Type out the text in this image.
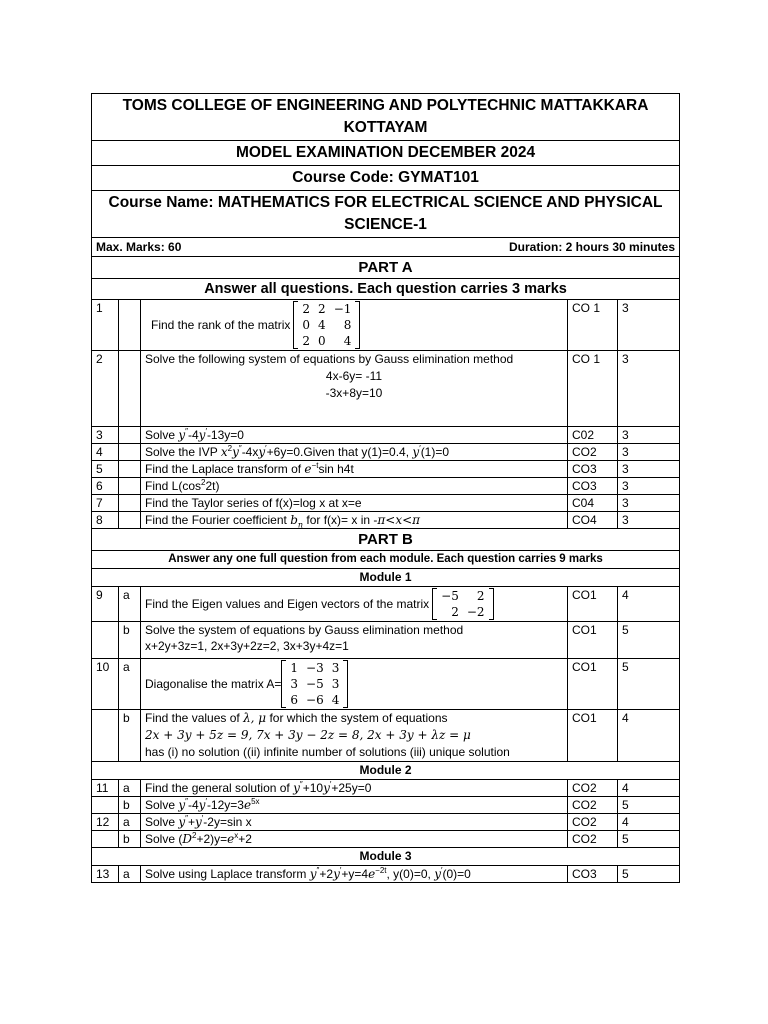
TOMS COLLEGE OF ENGINEERING AND POLYTECHNIC MATTAKKARA KOTTAYAM
MODEL EXAMINATION DECEMBER 2024
Course Code: GYMAT101
Course Name: MATHEMATICS FOR ELECTRICAL SCIENCE AND PHYSICAL SCIENCE-1
Max. Marks: 60	Duration: 2 hours 30 minutes

PART A
Answer all questions. Each question carries 3 marks
1		
Find the rank of the matrix
2	2	−1
0	4	8
2	0	4
	CO 1	3
2		Solve the following system of equations by Gauss elimination method
4x-6y= -11
-3x+8y=10
	CO 1	3
3		Solve y″-4y′-13y=0	C02	3
4		Solve the IVP $x^2y''-4xy'+6y=0.Given$ that y(1)=0.4, y′(1)=0	CO2	3
5		Find the Laplace transform of $e^{-t}\sin$ h4t	CO3	3
6		Find $L(\cos^22t)$	CO3	3
7		Find the Taylor series of f(x)=log x at x=e	C04	3
8		Find the Fourier coefficient $b_n$ for f(x)= x in -π<x<π	CO4	3
PART B
Answer any one full question from each module. Each question carries 9 marks
Module 1
9	a	
Find the Eigen values and Eigen vectors of the matrix
−5	2
2	−2
	CO1	4
	b	Solve the system of equations by Gauss elimination method
x+2y+3z=1, 2x+3y+2z=2, 3x+3y+4z=1
	CO1	5
10	a	
Diagonalise the matrix A=
1	−3	3
3	−5	3
6	−6	4
	CO1	5
	b	Find the values of λ, μ for which the system of equations
2x + 3y + 5z = 9, 7x + 3y − 2z = 8, 2x + 3y + λz = μ
has (i) no solution ((ii) infinite number of solutions (iii) unique solution
	CO1	4
Module 2
11	a	Find the general solution of y″+10y′+25y=0	CO2	4
	b	Solve $y''-4y'-12y=3e^{5x}$	CO2	5
12	a	Solve y″+y′-2y=sin x	CO2	4
	b	Solve $(D^2+2)y=e^x+2$	CO2	5
Module 3
13	a	Solve using Laplace transform $y''+2y'+y=4e^{-2t}$, y(0)=0, y′(0)=0	CO3	5
